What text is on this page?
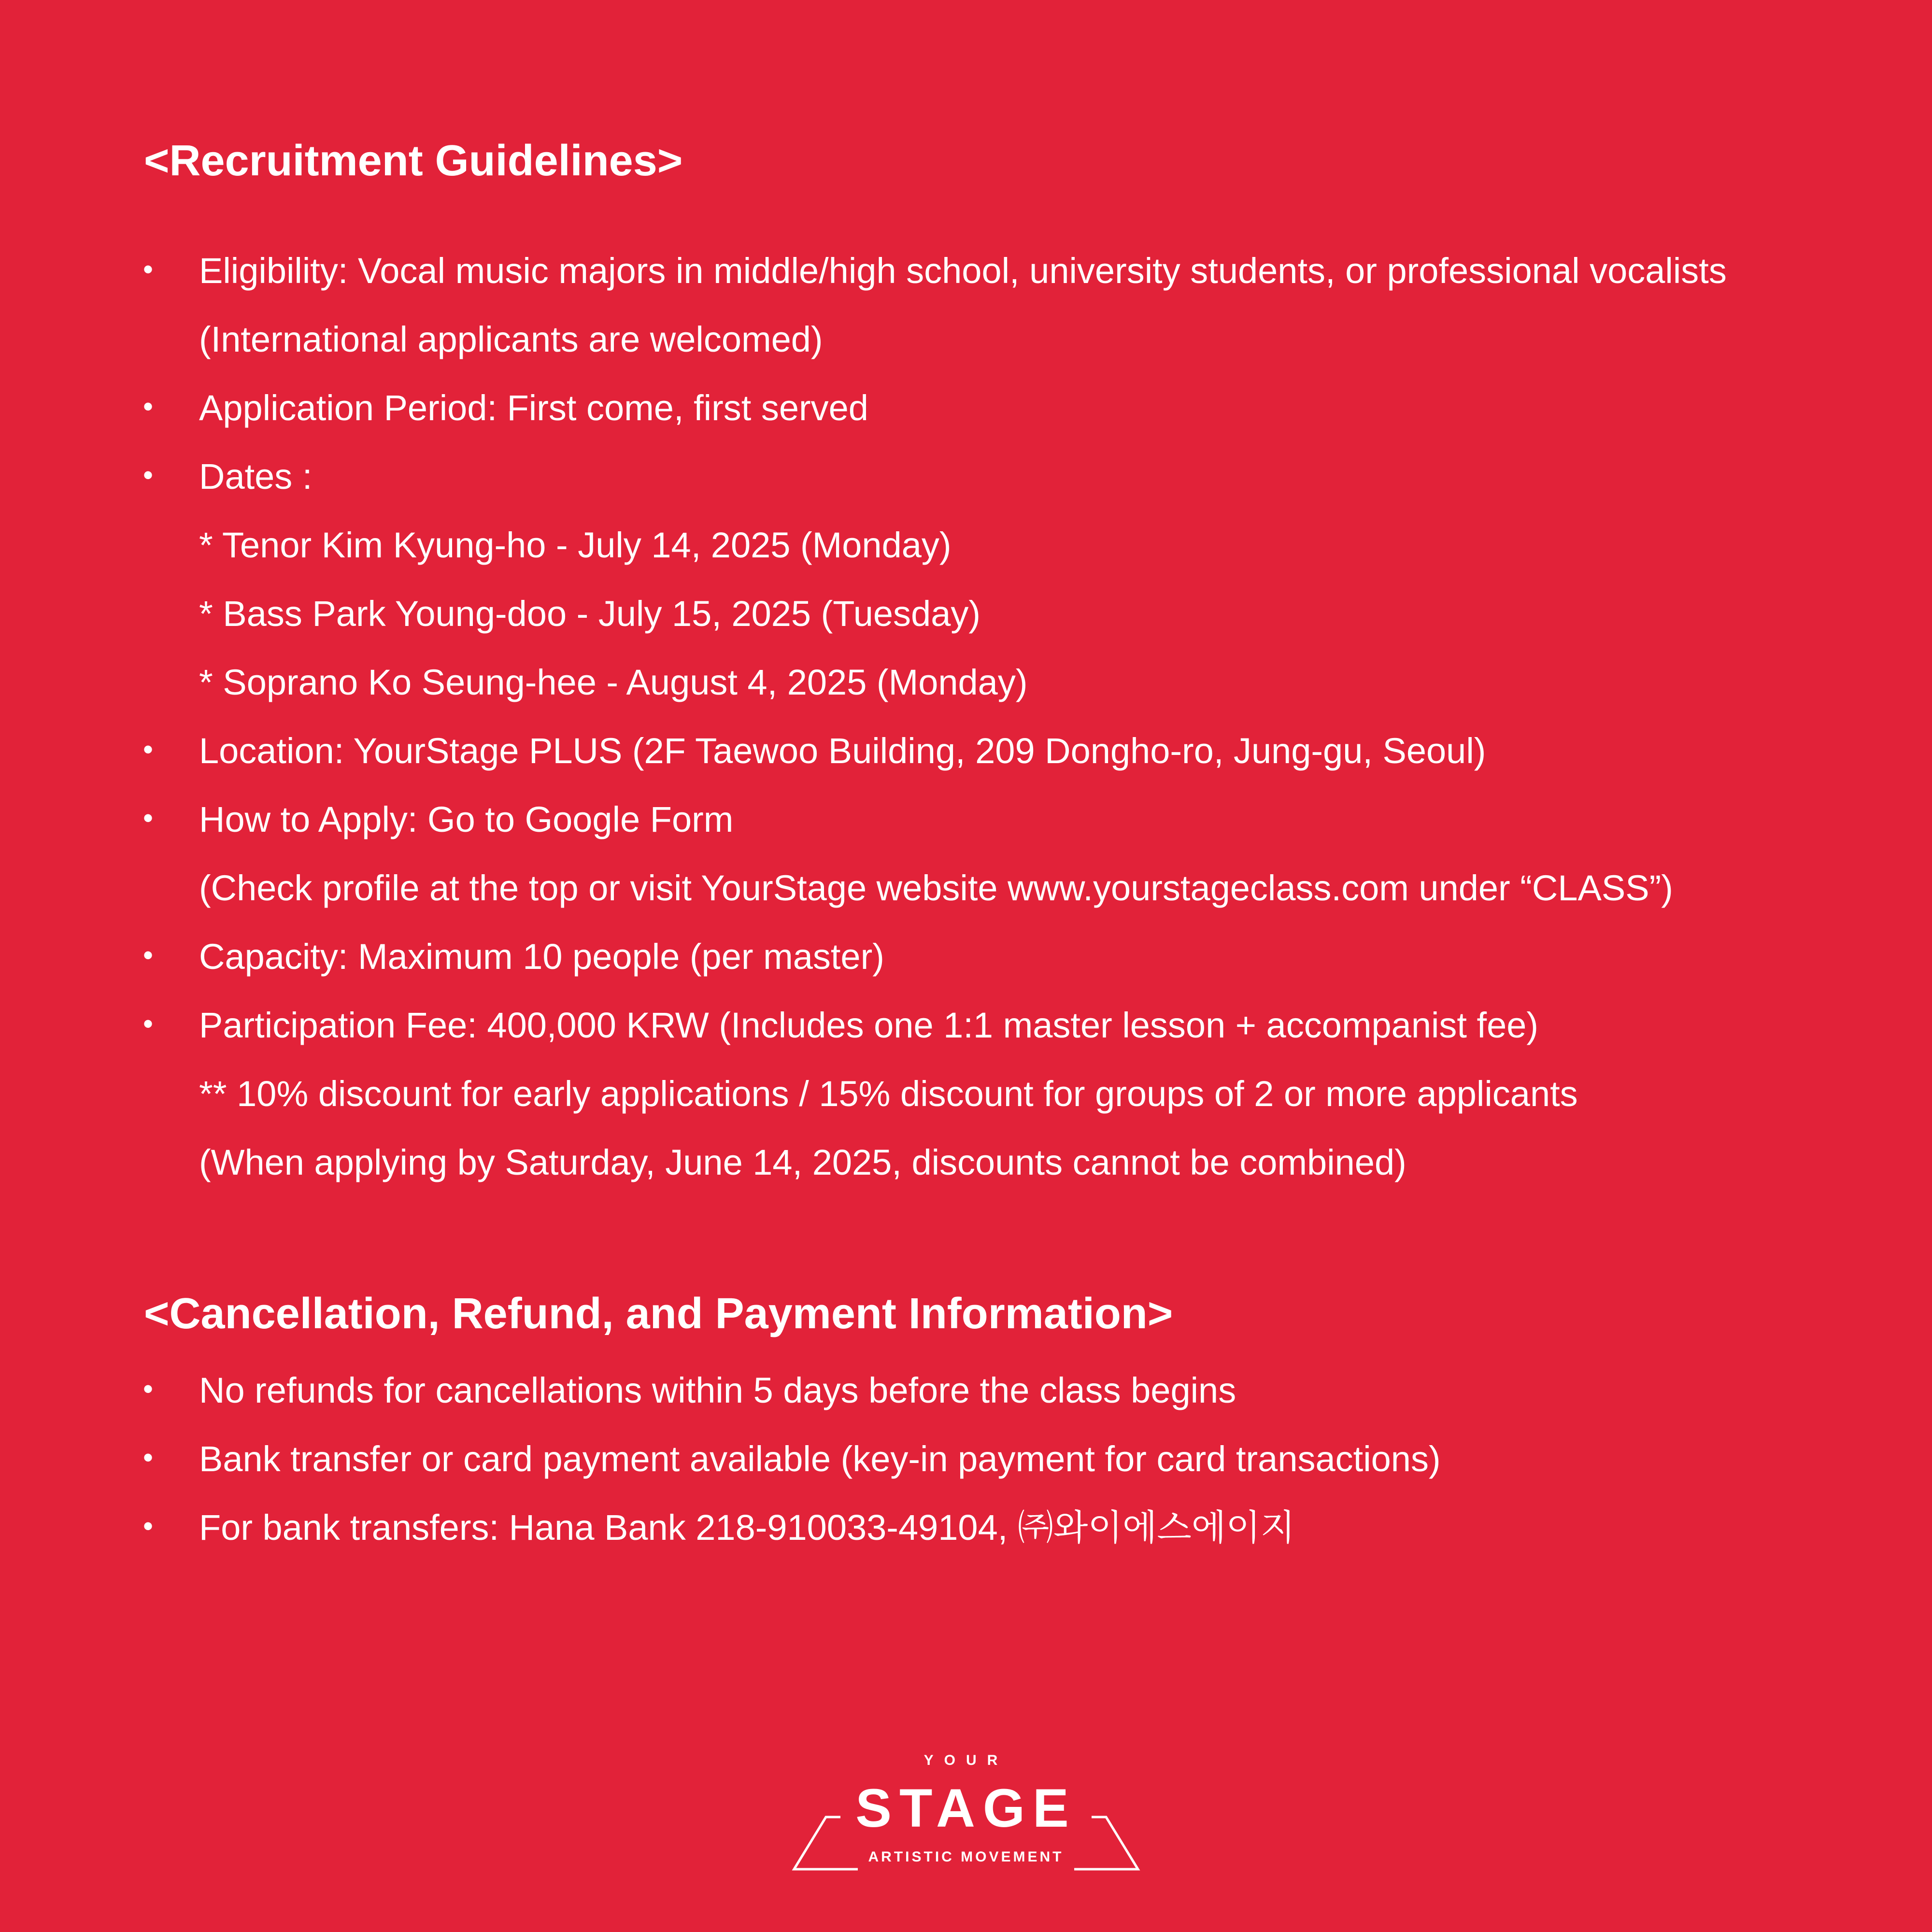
<Recruitment Guidelines>
• Eligibility: Vocal music majors in middle/high school, university students, or professional vocalists
(International applicants are welcomed)
• Application Period: First come, first served
• Dates :
* Tenor Kim Kyung-ho - July 14, 2025 (Monday)
* Bass Park Young-doo - July 15, 2025 (Tuesday)
* Soprano Ko Seung-hee - August 4, 2025 (Monday)
• Location: YourStage PLUS (2F Taewoo Building, 209 Dongho-ro, Jung-gu, Seoul)
• How to Apply: Go to Google Form
(Check profile at the top or visit YourStage website www.yourstageclass.com under “CLASS”)
• Capacity: Maximum 10 people (per master)
• Participation Fee: 400,000 KRW (Includes one 1:1 master lesson + accompanist fee)
** 10% discount for early applications / 15% discount for groups of 2 or more applicants
(When applying by Saturday, June 14, 2025, discounts cannot be combined)
<Cancellation, Refund, and Payment Information>
• No refunds for cancellations within 5 days before the class begins
• Bank transfer or card payment available (key-in payment for card transactions)
• For bank transfers: Hana Bank 218-910033-49104, ㈜와이에스에이지
YOUR
STAGE
ARTISTIC MOVEMENT
